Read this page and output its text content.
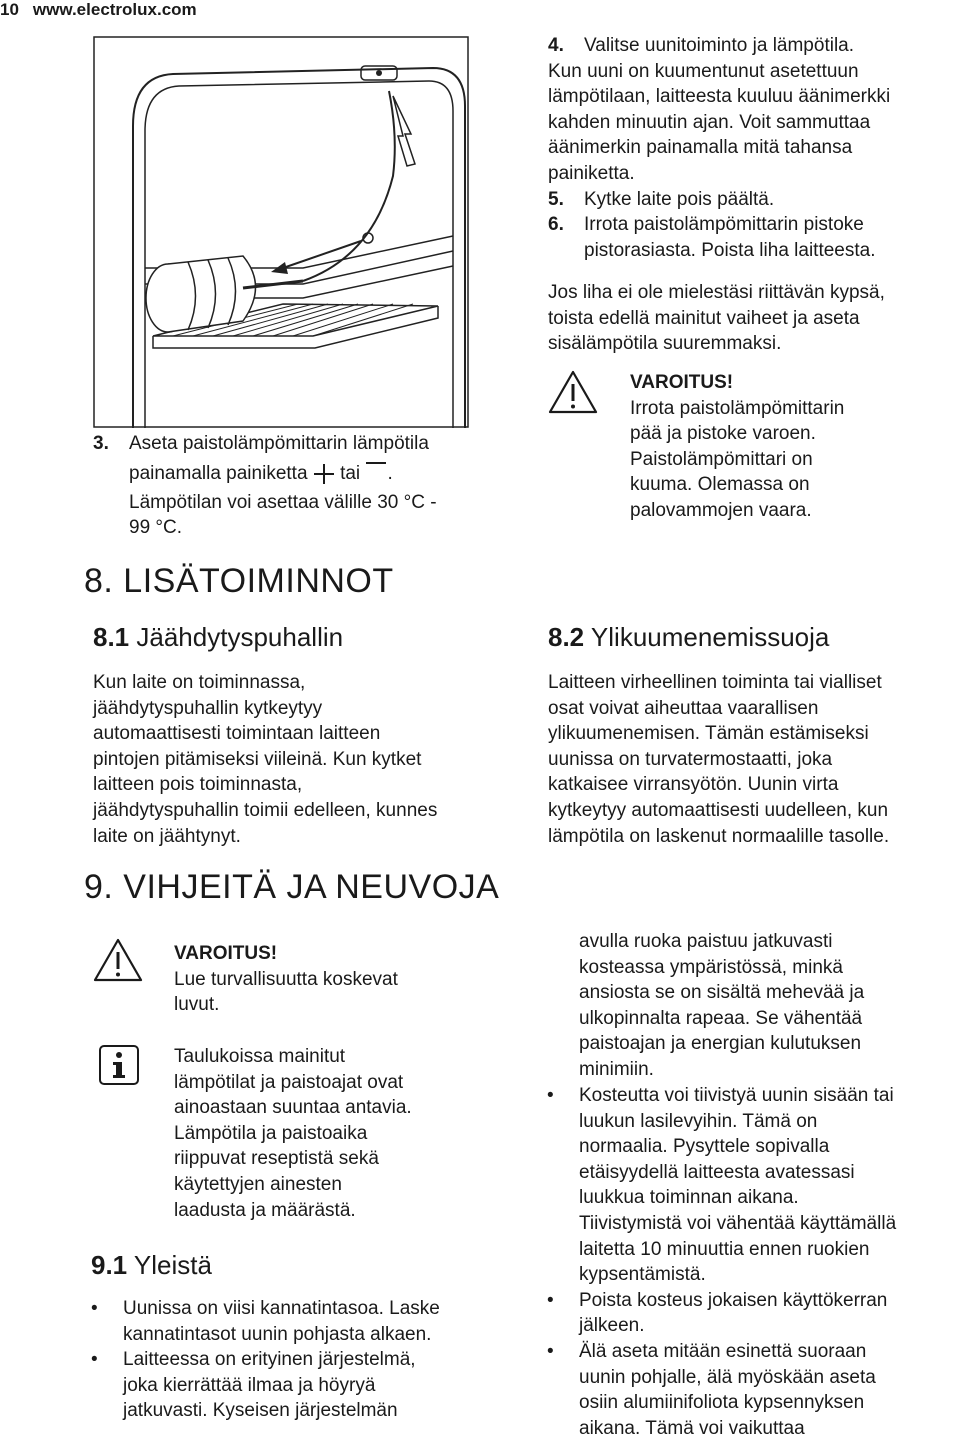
10 www.electrolux.com
3. Aseta paistolämpömittarin lämpötila
painamalla painiketta tai .
Lämpötilan voi asettaa välille 30 °C -
99 °C.
8. LISÄTOIMINNOT
8.1 Jäähdytyspuhallin
Kun laite on toiminnassa,
jäähdytyspuhallin kytkeytyy
automaattisesti toimintaan laitteen
pintojen pitämiseksi viileinä. Kun kytket
laitteen pois toiminnasta,
jäähdytyspuhallin toimii edelleen, kunnes
laite on jäähtynyt.
9. VIHJEITÄ JA NEUVOJA
VAROITUS!
Lue turvallisuutta koskevat
luvut.
Taulukoissa mainitut
lämpötilat ja paistoajat ovat
ainoastaan suuntaa antavia.
Lämpötila ja paistoaika
riippuvat reseptistä sekä
käytettyjen ainesten
laadusta ja määrästä.
9.1 Yleistä
• Uunissa on viisi kannatintasoa. Laske
kannatintasot uunin pohjasta alkaen.
• Laitteessa on erityinen järjestelmä,
joka kierrättää ilmaa ja höyryä
jatkuvasti. Kyseisen järjestelmän
4.	Valitse uunitoiminto ja lämpötila.
Kun uuni on kuumentunut asetettuun
lämpötilaan, laitteesta kuuluu äänimerkki
kahden minuutin ajan. Voit sammuttaa
äänimerkin painamalla mitä tahansa
painiketta.
5.	Kytke laite pois päältä.
6.	Irrota paistolämpömittarin pistoke
pistorasiasta. Poista liha laitteesta.
Jos liha ei ole mielestäsi riittävän kypsä,
toista edellä mainitut vaiheet ja aseta
sisälämpötila suuremmaksi.
VAROITUS!
Irrota paistolämpömittarin
pää ja pistoke varoen.
Paistolämpömittari on
kuuma. Olemassa on
palovammojen vaara.
8.2 Ylikuumenemissuoja
Laitteen virheellinen toiminta tai vialliset
osat voivat aiheuttaa vaarallisen
ylikuumenemisen. Tämän estämiseksi
uunissa on turvatermostaatti, joka
katkaisee virransyötön. Uunin virta
kytkeytyy automaattisesti uudelleen, kun
lämpötila on laskenut normaalille tasolle.
avulla ruoka paistuu jatkuvasti
kosteassa ympäristössä, minkä
ansiosta se on sisältä mehevää ja
ulkopinnalta rapeaa. Se vähentää
paistoajan ja energian kulutuksen
minimiin.
• Kosteutta voi tiivistyä uunin sisään tai
luukun lasilevyihin. Tämä on
normaalia. Pysyttele sopivalla
etäisyydellä laitteesta avatessasi
luukkua toiminnan aikana.
Tiivistymistä voi vähentää käyttämällä
laitetta 10 minuuttia ennen ruokien
kypsentämistä.
• Poista kosteus jokaisen käyttökerran
jälkeen.
• Älä aseta mitään esinettä suoraan
uunin pohjalle, älä myöskään aseta
osiin alumiinifoliota kypsennyksen
aikana. Tämä voi vaikuttaa
